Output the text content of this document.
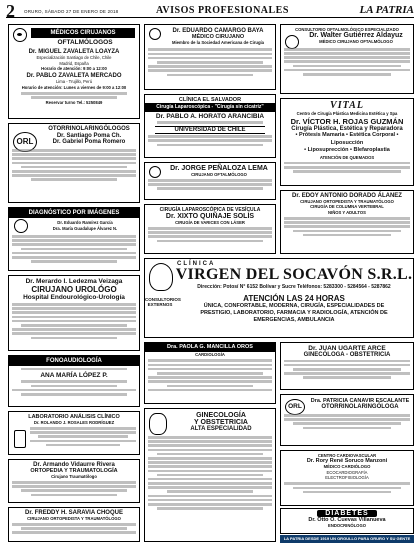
2 ORURO, SÁBADO 27 DE ENERO DE 2018	AVISOS PROFESIONALES	LA PATRIA
MÉDICOS CIRUJANOS
OFTALMÓLOGOS
Dr. MIGUEL ZAVALETA LOAYZA
Especialización Santiago de Chile, Chile
Madrid, España
Horario de atención: 9:00 a 12:00
Dr. PABLO ZAVALETA MERCADO
Lima - Trujillo, Perú
Horario de atención: Lunes a viernes de 9:00 a 12:00
Reservar turno Tel.: 5250849
OTORRINOLARINGÓLOGOS
ORL
Dr. Santiago Poma Ch.
Dr. Gabriel Poma Romero
DIAGNÓSTICO POR IMÁGENES
Dr. Eduardo Ramírez García
Dra. María Guadalupe Álvarez N.
Dr. Merardo I. Ledezma Veizaga
CIRUJANO UROLÓGO
Hospital Endourológico-Urología
FONOAUDIOLOGÍA
ANA MARÍA LÓPEZ P.
LABORATORIO ANÁLISIS CLÍNICO
Dr. ROLANDO J. ROSALES RODRÍGUEZ
Dr. Armando Vidaurre Rivera
ORTOPEDIA Y TRAUMATOLOGÍA
Cirujano Traumatólogo
Dr. FREDDY H. SARAVIA CHOQUE
CIRUJANO ORTOPEDISTA Y TRAUMATÓLOGO
Dr. EDUARDO CAMARGO BAYA
MÉDICO CIRUJANO
Miembro de la Sociedad Americana de Cirugía
CLÍNICA EL SALVADOR
Cirugía Laparoscópica - "Cirugía sin cicatriz"
Dr. PABLO A. HORATO ARANCIBIA
UNIVERSIDAD DE CHILE
Dr. JORGE PEÑALOZA LEMA
CIRUJANO OFTALMÓLOGO
CIRUGÍA LAPAROSCÓPICA DE VESÍCULA
Dr. XIXTO QUIÑAJE SOLÍS
CIRUGÍA DE VARICES CON LÁSER
CONSULTORIO OFTALMOLÓGICO ESPECIALIZADO
Dr. Walter Gutiérrez Aldayuz
MÉDICO CIRUJANO OFTALMÓLOGO
VITAL
Centro de Cirugía Plástica Medicina Estética y Spa
Dr. VÍCTOR H. ROJAS GUZMÁN
Cirugía Plástica, Estética y Reparadora
• Prótesis Mamaria • Estética Corporal • Liposucción
• Liposuprección • Blefaroplastia
ATENCIÓN DE QUEMADOS
Dr. EDOY ANTONIO DORADO ÁLANEZ
CIRUJANO ORTOPEDISTA Y TRAUMATÓLOGO
CIRUGÍA DE COLUMNA VERTEBRAL
NIÑOS Y ADULTOS
CLÍNICA
VIRGEN DEL SOCAVÓN S.R.L.
Dirección: Potosí N° 6152 Bolívar y Sucre Teléfonos: 5283300 - 5284564 - 5287862
CONSULTORIOS EXTERNOS
ATENCIÓN LAS 24 HORAS
ÚNICA, CONFORTABLE, MODERNA, CIRUGÍA, ESPECIALIDADES DE PRESTIGIO, LABORATORIO, FARMACIA Y RADIOLOGÍA, ATENCIÓN DE EMERGENCIAS, AMBULANCIA
Dra. PAOLA G. MANCILLA OROS
CARDIOLOGÍA
Dr. JUAN UGARTE ARCE
GINECÓLOGA - OBSTETRICIA
ORL
Dra. PATRICIA CANAVIR ESCALANTE
OTORRINOLARINGÓLOGA
GINECOLOGÍA
Y OBSTETRICIA
ALTA ESPECIALIDAD
CENTRO CARDIOVASCULAR
Dr. Rory René Soruco Manzoni
MÉDICO CARDIÓLOGO
ECOCARDIOGRAFÍA
ELECTROFISIOLOGÍA
DIABETES
Dr. Otto O. Cuevas Villanueva
ENDOCRINÓLOGO
LA PATRIA DESDE 1919 UN ORGULLO PARA ORURO Y SU GENTE
